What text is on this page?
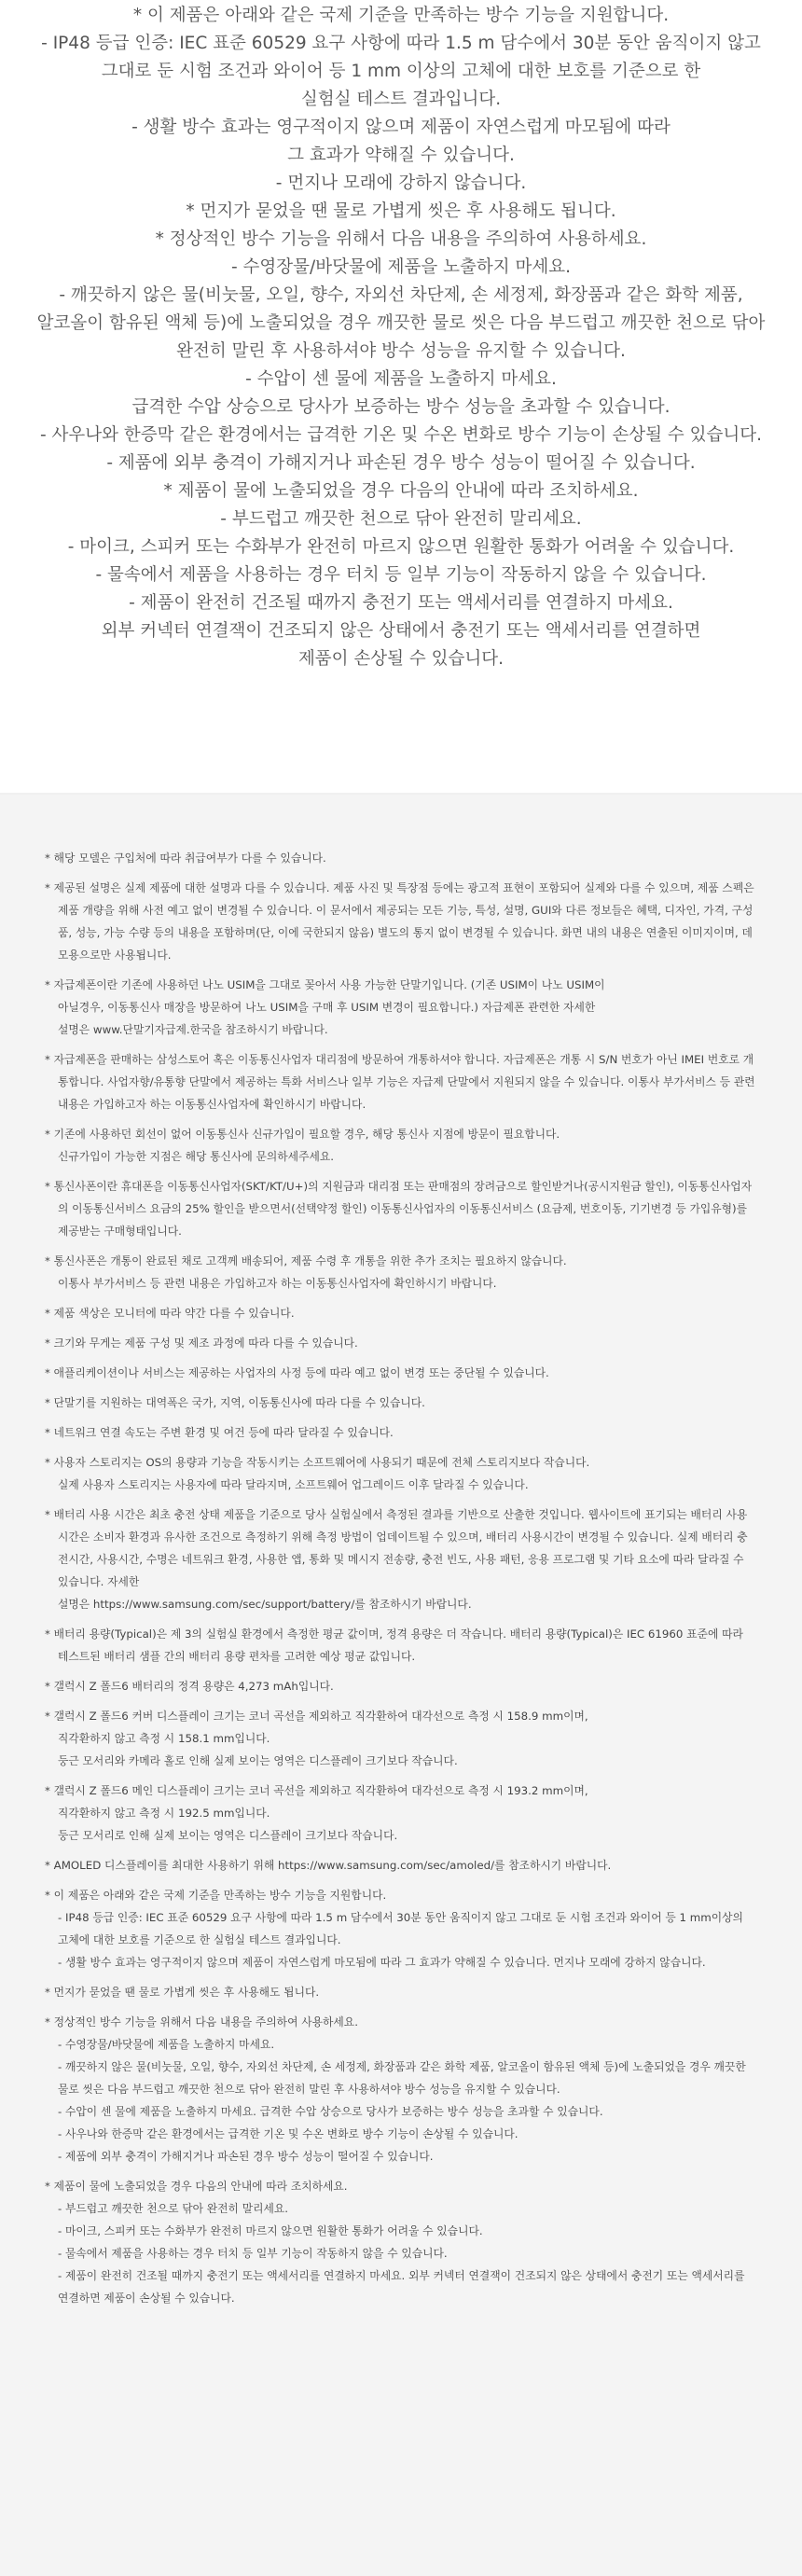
* 이 제품은 아래와 같은 국제 기준을 만족하는 방수 기능을 지원합니다.

- IP48 등급 인증: IEC 표준 60529 요구 사항에 따라 1.5 m 담수에서 30분 동안 움직이지 않고
그대로 둔 시험 조건과 와이어 등 1 mm 이상의 고체에 대한 보호를 기준으로 한
실험실 테스트 결과입니다.

- 생활 방수 효과는 영구적이지 않으며 제품이 자연스럽게 마모됨에 따라
그 효과가 약해질 수 있습니다.

- 먼지나 모래에 강하지 않습니다.

* 먼지가 묻었을 땐 물로 가볍게 씻은 후 사용해도 됩니다.

* 정상적인 방수 기능을 위해서 다음 내용을 주의하여 사용하세요.

- 수영장물/바닷물에 제품을 노출하지 마세요.

- 깨끗하지 않은 물(비눗물, 오일, 향수, 자외선 차단제, 손 세정제, 화장품과 같은 화학 제품,
알코올이 함유된 액체 등)에 노출되었을 경우 깨끗한 물로 씻은 다음 부드럽고 깨끗한 천으로 닦아
완전히 말린 후 사용하셔야 방수 성능을 유지할 수 있습니다.

- 수압이 센 물에 제품을 노출하지 마세요.
급격한 수압 상승으로 당사가 보증하는 방수 성능을 초과할 수 있습니다.

- 사우나와 한증막 같은 환경에서는 급격한 기온 및 수온 변화로 방수 기능이 손상될 수 있습니다.

- 제품에 외부 충격이 가해지거나 파손된 경우 방수 성능이 떨어질 수 있습니다.

* 제품이 물에 노출되었을 경우 다음의 안내에 따라 조치하세요.

- 부드럽고 깨끗한 천으로 닦아 완전히 말리세요.

- 마이크, 스피커 또는 수화부가 완전히 마르지 않으면 원활한 통화가 어려울 수 있습니다.

- 물속에서 제품을 사용하는 경우 터치 등 일부 기능이 작동하지 않을 수 있습니다.

- 제품이 완전히 건조될 때까지 충전기 또는 액세서리를 연결하지 마세요.
외부 커넥터 연결잭이 건조되지 않은 상태에서 충전기 또는 액세서리를 연결하면
제품이 손상될 수 있습니다.

* 해당 모델은 구입처에 따라 취급여부가 다를 수 있습니다.

* 제공된 설명은 실제 제품에 대한 설명과 다를 수 있습니다. 제품 사진 및 특장점 등에는 광고적 표현이 포함되어 실제와 다를 수 있으며, 제품 스펙은 제품 개량을 위해 사전 예고 없이 변경될 수 있습니다. 이 문서에서 제공되는 모든 기능, 특성, 설명, GUI와 다른 정보들은 혜택, 디자인, 가격, 구성품, 성능, 가능 수량 등의 내용을 포함하며(단, 이에 국한되지 않음) 별도의 통지 없이 변경될 수 있습니다. 화면 내의 내용은 연출된 이미지이며, 데모용으로만 사용됩니다.

* 자급제폰이란 기존에 사용하던 나노 USIM을 그대로 꽂아서 사용 가능한 단말기입니다. (기존 USIM이 나노 USIM이
아닐경우, 이동통신사 매장을 방문하여 나노 USIM을 구매 후 USIM 변경이 필요합니다.) 자급제폰 관련한 자세한
설명은 www.단말기자급제.한국을 참조하시기 바랍니다.

* 자급제폰을 판매하는 삼성스토어 혹은 이동통신사업자 대리점에 방문하여 개통하셔야 합니다. 자급제폰은 개통 시 S/N 번호가 아닌 IMEI 번호로 개통합니다. 사업자향/유통향 단말에서 제공하는 특화 서비스나 일부 기능은 자급제 단말에서 지원되지 않을 수 있습니다. 이통사 부가서비스 등 관련 내용은 가입하고자 하는 이동통신사업자에 확인하시기 바랍니다.

* 기존에 사용하던 회선이 없어 이동통신사 신규가입이 필요할 경우, 해당 통신사 지점에 방문이 필요합니다.
신규가입이 가능한 지점은 해당 통신사에 문의하세주세요.

* 통신사폰이란 휴대폰을 이동통신사업자(SKT/KT/U+)의 지원금과 대리점 또는 판매점의 장려금으로 할인받거나(공시지원금 할인), 이동통신사업자의 이동통신서비스 요금의 25% 할인을 받으면서(선택약정 할인) 이동통신사업자의 이동통신서비스 (요금제, 번호이동, 기기변경 등 가입유형)를 제공받는 구매형태입니다.

* 통신사폰은 개통이 완료된 채로 고객께 배송되어, 제품 수령 후 개통을 위한 추가 조치는 필요하지 않습니다.
이통사 부가서비스 등 관련 내용은 가입하고자 하는 이동통신사업자에 확인하시기 바랍니다.

* 제품 색상은 모니터에 따라 약간 다를 수 있습니다.

* 크기와 무게는 제품 구성 및 제조 과정에 따라 다를 수 있습니다.

* 애플리케이션이나 서비스는 제공하는 사업자의 사정 등에 따라 예고 없이 변경 또는 중단될 수 있습니다.

* 단말기를 지원하는 대역폭은 국가, 지역, 이동통신사에 따라 다를 수 있습니다.

* 네트워크 연결 속도는 주변 환경 및 여건 등에 따라 달라질 수 있습니다.

* 사용자 스토리지는 OS의 용량과 기능을 작동시키는 소프트웨어에 사용되기 때문에 전체 스토리지보다 작습니다.
실제 사용자 스토리지는 사용자에 따라 달라지며, 소프트웨어 업그레이드 이후 달라질 수 있습니다.

* 배터리 사용 시간은 최초 충전 상태 제품을 기준으로 당사 실험실에서 측정된 결과를 기반으로 산출한 것입니다. 웹사이트에 표기되는 배터리 사용시간은 소비자 환경과 유사한 조건으로 측정하기 위해 측정 방법이 업데이트될 수 있으며, 배터리 사용시간이 변경될 수 있습니다. 실제 배터리 충전시간, 사용시간, 수명은 네트워크 환경, 사용한 앱, 통화 및 메시지 전송량, 충전 빈도, 사용 패턴, 응용 프로그램 및 기타 요소에 따라 달라질 수 있습니다. 자세한
설명은 https://www.samsung.com/sec/support/battery/를 참조하시기 바랍니다.

* 배터리 용량(Typical)은 제 3의 실험실 환경에서 측정한 평균 값이며, 정격 용량은 더 작습니다. 배터리 용량(Typical)은 IEC 61960 표준에 따라 테스트된 배터리 샘플 간의 배터리 용량 편차를 고려한 예상 평균 값입니다.

* 갤럭시 Z 폴드6 배터리의 정격 용량은 4,273 mAh입니다.

* 갤럭시 Z 폴드6 커버 디스플레이 크기는 코너 곡선을 제외하고 직각환하여 대각선으로 측정 시 158.9 mm이며,
직각환하지 않고 측정 시 158.1 mm입니다.
둥근 모서리와 카메라 홀로 인해 실제 보이는 영역은 디스플레이 크기보다 작습니다.

* 갤럭시 Z 폴드6 메인 디스플레이 크기는 코너 곡선을 제외하고 직각환하여 대각선으로 측정 시 193.2 mm이며,
직각환하지 않고 측정 시 192.5 mm입니다.
둥근 모서리로 인해 실제 보이는 영역은 디스플레이 크기보다 작습니다.

* AMOLED 디스플레이를 최대한 사용하기 위해 https://www.samsung.com/sec/amoled/를 참조하시기 바랍니다.

* 이 제품은 아래와 같은 국제 기준을 만족하는 방수 기능을 지원합니다.
- IP48 등급 인증: IEC 표준 60529 요구 사항에 따라 1.5 m 담수에서 30분 동안 움직이지 않고 그대로 둔 시험 조건과 와이어 등 1 mm이상의 고체에 대한 보호를 기준으로 한 실험실 테스트 결과입니다.
- 생활 방수 효과는 영구적이지 않으며 제품이 자연스럽게 마모됨에 따라 그 효과가 약해질 수 있습니다. 먼지나 모래에 강하지 않습니다.

* 먼지가 묻었을 땐 물로 가볍게 씻은 후 사용해도 됩니다.

* 정상적인 방수 기능을 위해서 다음 내용을 주의하여 사용하세요.
- 수영장물/바닷물에 제품을 노출하지 마세요.
- 깨끗하지 않은 물(비눗물, 오일, 향수, 자외선 차단제, 손 세정제, 화장품과 같은 화학 제품, 알코올이 함유된 액체 등)에 노출되었을 경우 깨끗한 물로 씻은 다음 부드럽고 깨끗한 천으로 닦아 완전히 말린 후 사용하셔야 방수 성능을 유지할 수 있습니다.
- 수압이 센 물에 제품을 노출하지 마세요. 급격한 수압 상승으로 당사가 보증하는 방수 성능을 초과할 수 있습니다.
- 사우나와 한증막 같은 환경에서는 급격한 기온 및 수온 변화로 방수 기능이 손상될 수 있습니다.
- 제품에 외부 충격이 가해지거나 파손된 경우 방수 성능이 떨어질 수 있습니다.

* 제품이 물에 노출되었을 경우 다음의 안내에 따라 조치하세요.
- 부드럽고 깨끗한 천으로 닦아 완전히 말리세요.
- 마이크, 스피커 또는 수화부가 완전히 마르지 않으면 원활한 통화가 어려울 수 있습니다.
- 물속에서 제품을 사용하는 경우 터치 등 일부 기능이 작동하지 않을 수 있습니다.
- 제품이 완전히 건조될 때까지 충전기 또는 액세서리를 연결하지 마세요. 외부 커넥터 연결잭이 건조되지 않은 상태에서 충전기 또는 액세서리를 연결하면 제품이 손상될 수 있습니다.
